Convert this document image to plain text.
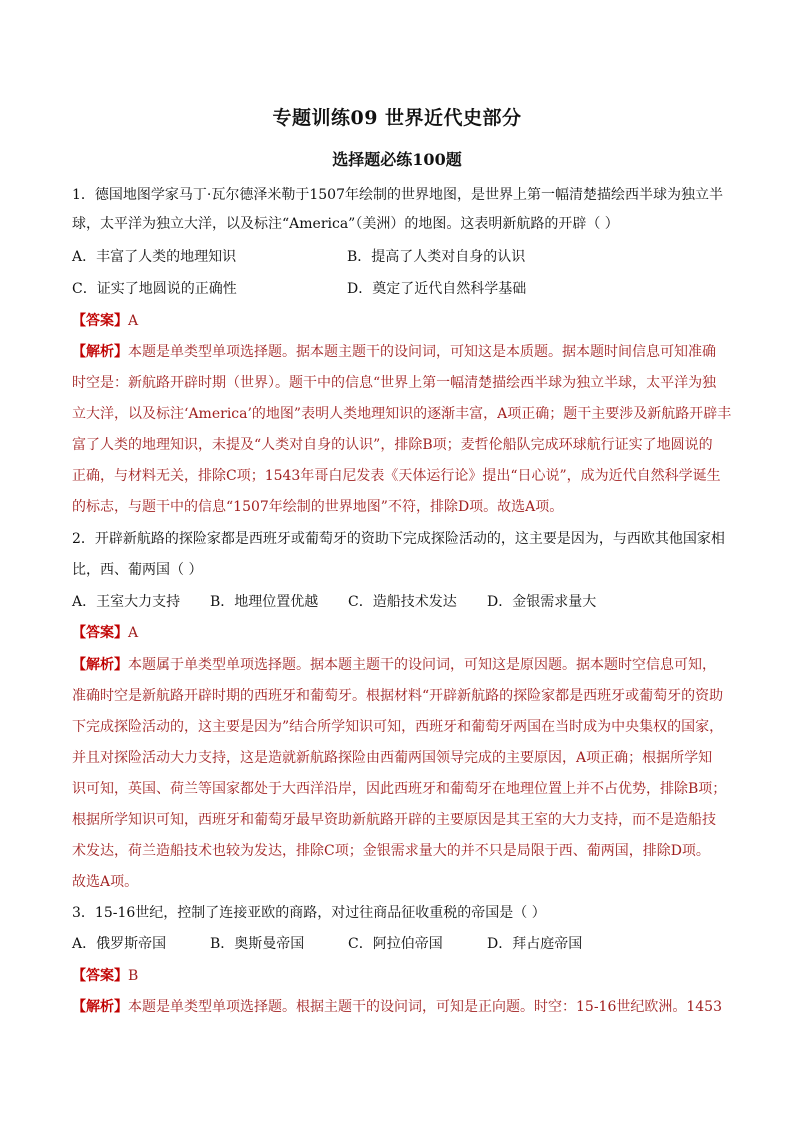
专题训练09 世界近代史部分
选择题必练100题
1．德国地图学家马丁·瓦尔德泽米勒于1507年绘制的世界地图，是世界上第一幅清楚描绘西半球为独立半
球，太平洋为独立大洋，以及标注“America”（美洲）的地图。这表明新航路的开辟（ ）
A．丰富了人类的地理知识	B．提高了人类对自身的认识
C．证实了地圆说的正确性	D．奠定了近代自然科学基础
【答案】A
【解析】本题是单类型单项选择题。据本题主题干的设问词，可知这是本质题。据本题时间信息可知准确
时空是：新航路开辟时期（世界）。题干中的信息“世界上第一幅清楚描绘西半球为独立半球，太平洋为独
立大洋，以及标注‘America’的地图”表明人类地理知识的逐渐丰富，A项正确；题干主要涉及新航路开辟丰
富了人类的地理知识，未提及“人类对自身的认识”，排除B项；麦哲伦船队完成环球航行证实了地圆说的
正确，与材料无关，排除C项；1543年哥白尼发表《天体运行论》提出“日心说”，成为近代自然科学诞生
的标志，与题干中的信息“1507年绘制的世界地图”不符，排除D项。故选A项。
2．开辟新航路的探险家都是西班牙或葡萄牙的资助下完成探险活动的，这主要是因为，与西欧其他国家相
比，西、葡两国（ ）
A．王室大力支持 B．地理位置优越 C．造船技术发达 D．金银需求量大
【答案】A
【解析】本题属于单类型单项选择题。据本题主题干的设问词，可知这是原因题。据本题时空信息可知，
准确时空是新航路开辟时期的西班牙和葡萄牙。根据材料“开辟新航路的探险家都是西班牙或葡萄牙的资助
下完成探险活动的，这主要是因为”结合所学知识可知，西班牙和葡萄牙两国在当时成为中央集权的国家，
并且对探险活动大力支持，这是造就新航路探险由西葡两国领导完成的主要原因，A项正确；根据所学知
识可知，英国、荷兰等国家都处于大西洋沿岸，因此西班牙和葡萄牙在地理位置上并不占优势，排除B项；
根据所学知识可知，西班牙和葡萄牙最早资助新航路开辟的主要原因是其王室的大力支持，而不是造船技
术发达，荷兰造船技术也较为发达，排除C项；金银需求量大的并不只是局限于西、葡两国，排除D项。
故选A项。
3．15-16世纪，控制了连接亚欧的商路，对过往商品征收重税的帝国是（ ）
A．俄罗斯帝国	B．奥斯曼帝国	C．阿拉伯帝国	D．拜占庭帝国
【答案】B
【解析】本题是单类型单项选择题。根据主题干的设问词，可知是正向题。时空：15-16世纪欧洲。1453
